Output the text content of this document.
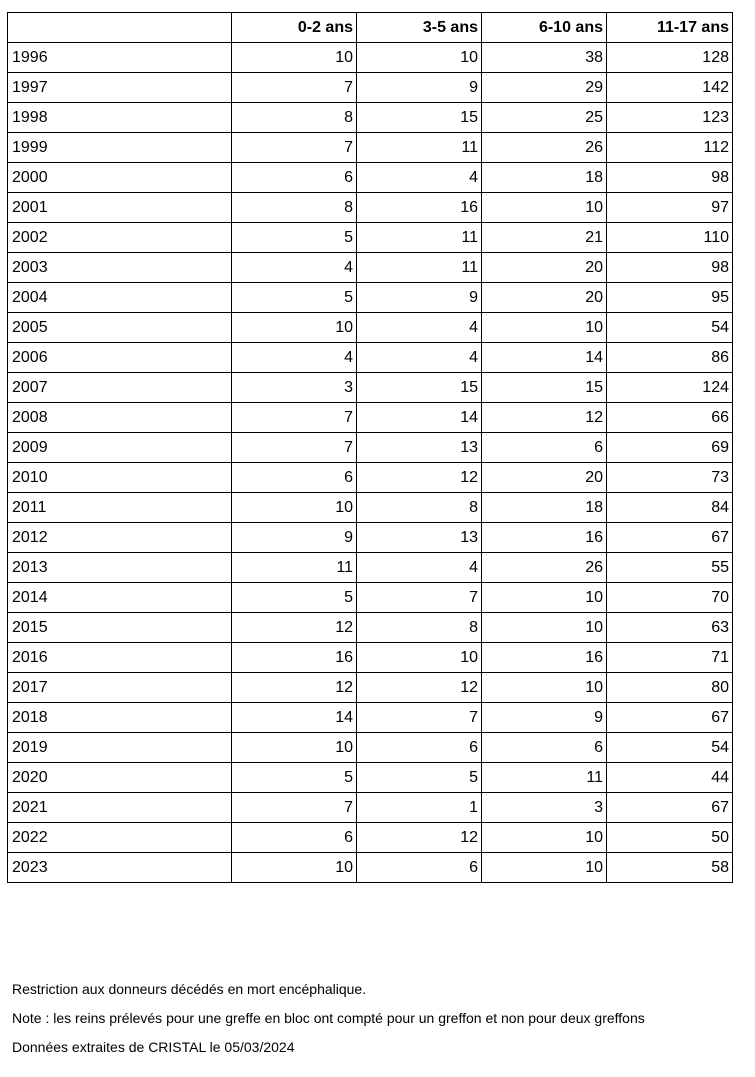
	0-2 ans	3-5 ans	6-10 ans	11-17 ans
1996	10	10	38	128
1997	7	9	29	142
1998	8	15	25	123
1999	7	11	26	112
2000	6	4	18	98
2001	8	16	10	97
2002	5	11	21	110
2003	4	11	20	98
2004	5	9	20	95
2005	10	4	10	54
2006	4	4	14	86
2007	3	15	15	124
2008	7	14	12	66
2009	7	13	6	69
2010	6	12	20	73
2011	10	8	18	84
2012	9	13	16	67
2013	11	4	26	55
2014	5	7	10	70
2015	12	8	10	63
2016	16	10	16	71
2017	12	12	10	80
2018	14	7	9	67
2019	10	6	6	54
2020	5	5	11	44
2021	7	1	3	67
2022	6	12	10	50
2023	10	6	10	58
Restriction aux donneurs décédés en mort encéphalique.
Note : les reins prélevés pour une greffe en bloc ont compté pour un greffon et non pour deux greffons
Données extraites de CRISTAL le 05/03/2024
